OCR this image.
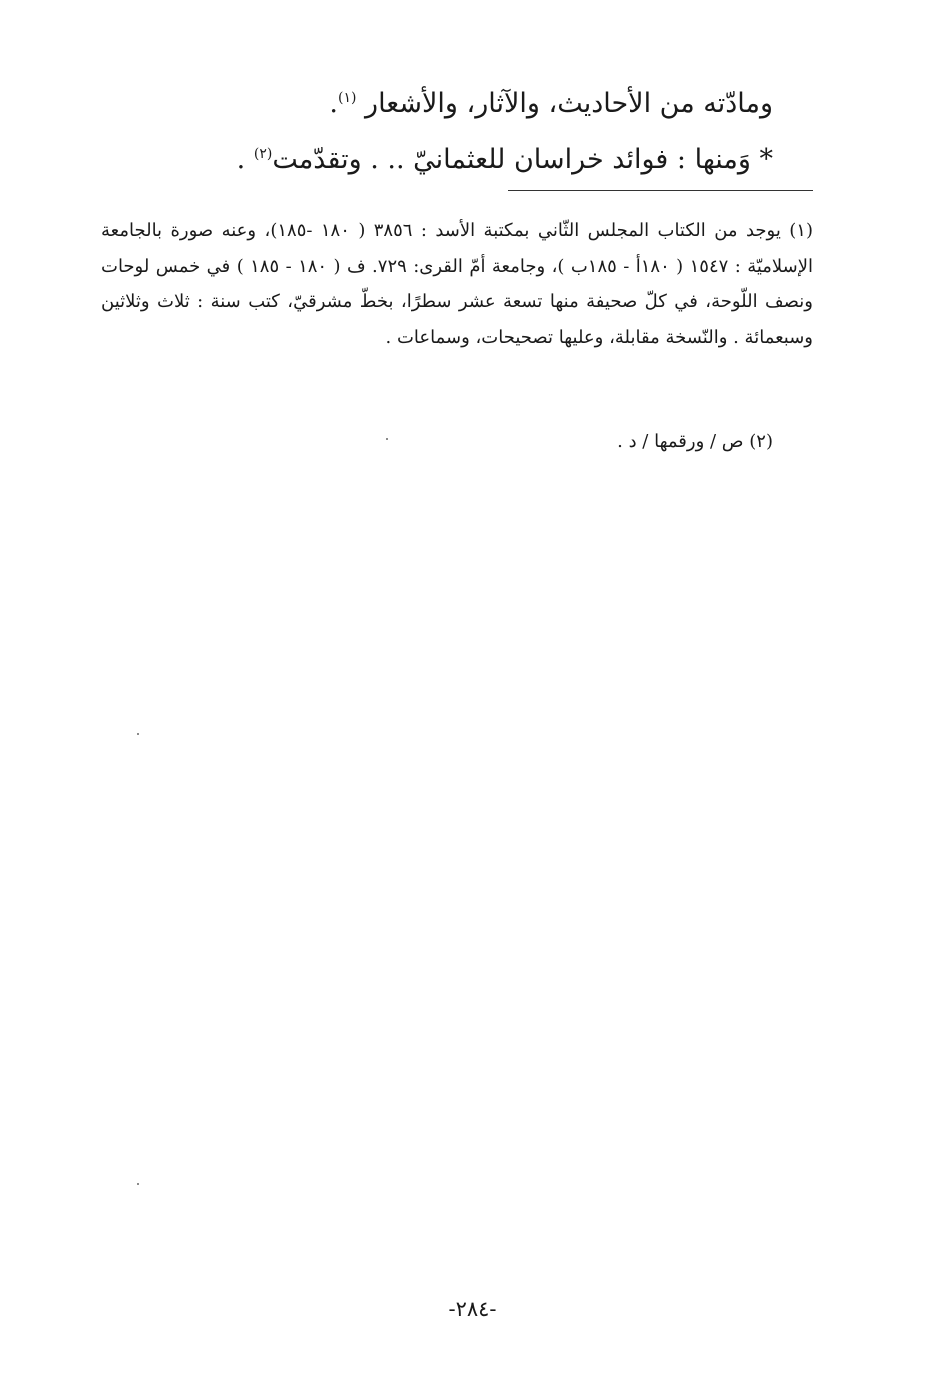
ومادّته من الأحاديث، والآثار، والأشعار $^{(١)}$.
* وَمنها : فوائد خراسان للعثمانيّ .. . وتقدّمت$^{(٢)}$ .

(١) يوجد من الكتاب المجلس الثّاني بمكتبة الأسد : ٣٨٥٦ ( ١٨٠ -١٨٥)، وعنه صورة بالجامعة الإسلاميّة : ١٥٤٧ ( ١٨٠أ - ١٨٥ب )، وجامعة أمّ القرى: ٧٢٩. ف ( ١٨٠ - ١٨٥ ) في خمس لوحات ونصف اللّوحة، في كلّ صحيفة منها تسعة عشر سطرًا، بخطّ مشرقيّ، كتب سنة : ثلاث وثلاثين وسبعمائة . والنّسخة مقابلة، وعليها تصحيحات، وسماعات .

(٢) ص / ورقمها / د .
-٢٨٤-
